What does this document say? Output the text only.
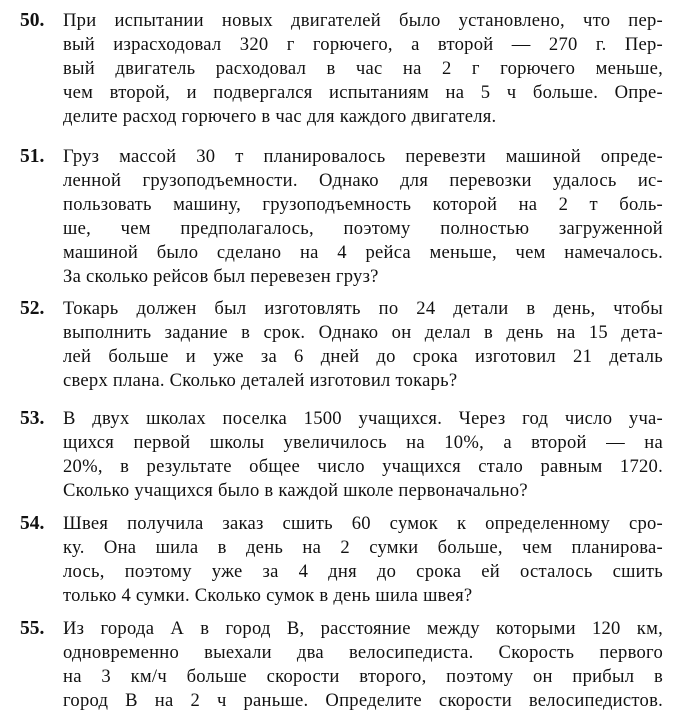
50. При испытании новых двигателей было установлено, что пер-
вый израсходовал 320 г горючего, а второй — 270 г. Пер-
вый двигатель расходовал в час на 2 г горючего меньше,
чем второй, и подвергался испытаниям на 5 ч больше. Опре-
делите расход горючего в час для каждого двигателя.
51. Груз массой 30 т планировалось перевезти машиной опреде-
ленной грузоподъемности. Однако для перевозки удалось ис-
пользовать машину, грузоподъемность которой на 2 т боль-
ше, чем предполагалось, поэтому полностью загруженной
машиной было сделано на 4 рейса меньше, чем намечалось.
За сколько рейсов был перевезен груз?
52. Токарь должен был изготовлять по 24 детали в день, чтобы
выполнить задание в срок. Однако он делал в день на 15 дета-
лей больше и уже за 6 дней до срока изготовил 21 деталь
сверх плана. Сколько деталей изготовил токарь?
53. В двух школах поселка 1500 учащихся. Через год число уча-
щихся первой школы увеличилось на 10%, а второй — на
20%, в результате общее число учащихся стало равным 1720.
Сколько учащихся было в каждой школе первоначально?
54. Швея получила заказ сшить 60 сумок к определенному сро-
ку. Она шила в день на 2 сумки больше, чем планирова-
лось, поэтому уже за 4 дня до срока ей осталось сшить
только 4 сумки. Сколько сумок в день шила швея?
55. Из города А в город В, расстояние между которыми 120 км,
одновременно выехали два велосипедиста. Скорость первого
на 3 км/ч больше скорости второго, поэтому он прибыл в
город В на 2 ч раньше. Определите скорости велосипедистов.
